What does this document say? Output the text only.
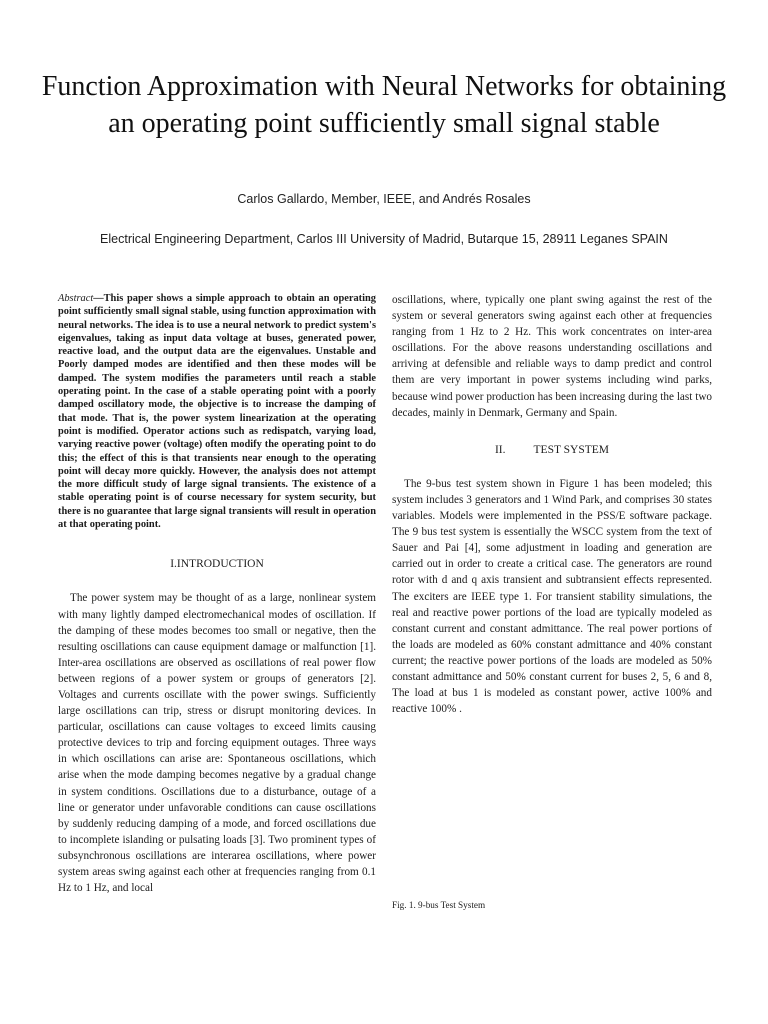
Function Approximation with Neural Networks for obtaining an operating point sufficiently small signal stable
Carlos Gallardo, Member, IEEE, and Andrés Rosales
Electrical Engineering Department, Carlos III University of Madrid, Butarque 15, 28911 Leganes SPAIN

Abstract—This paper shows a simple approach to obtain an operating point sufficiently small signal stable, using function approximation with neural networks. The idea is to use a neural network to predict system's eigenvalues, taking as input data voltage at buses, generated power, reactive load, and the output data are the eigenvalues. Unstable and Poorly damped modes are identified and then these modes will be damped. The system modifies the parameters until reach a stable operating point. In the case of a stable operating point with a poorly damped oscillatory mode, the objective is to increase the damping of that mode. That is, the power system linearization at the operating point is modified. Operator actions such as redispatch, varying load, varying reactive power (voltage) often modify the operating point to do this; the effect of this is that transients near enough to the operating point will decay more quickly. However, the analysis does not attempt the more difficult study of large signal transients. The existence of a stable operating point is of course necessary for system security, but there is no guarantee that large signal transients will result in operation at that operating point.

I.INTRODUCTION

The power system may be thought of as a large, nonlinear system with many lightly damped electromechanical modes of oscillation. If the damping of these modes becomes too small or negative, then the resulting oscillations can cause equipment damage or malfunction [1]. Inter-area oscillations are observed as oscillations of real power flow between regions of a power system or groups of generators [2]. Voltages and currents oscillate with the power swings. Sufficiently large oscillations can trip, stress or disrupt monitoring devices. In particular, oscillations can cause voltages to exceed limits causing protective devices to trip and forcing equipment outages. Three ways in which oscillations can arise are: Spontaneous oscillations, which arise when the mode damping becomes negative by a gradual change in system conditions. Oscillations due to a disturbance, outage of a line or generator under unfavorable conditions can cause oscillations by suddenly reducing damping of a mode, and forced oscillations due to incomplete islanding or pulsating loads [3]. Two prominent types of subsynchronous oscillations are interarea oscillations, where power system areas swing against each other at frequencies ranging from 0.1 Hz to 1 Hz, and local

oscillations, where, typically one plant swing against the rest of the system or several generators swing against each other at frequencies ranging from 1 Hz to 2 Hz. This work concentrates on inter-area oscillations. For the above reasons understanding oscillations and arriving at defensible and reliable ways to damp predict and control them are very important in power systems including wind parks, because wind power production has been increasing during the last two decades, mainly in Denmark, Germany and Spain.

II. TEST SYSTEM

The 9-bus test system shown in Figure 1 has been modeled; this system includes 3 generators and 1 Wind Park, and comprises 30 states variables. Models were implemented in the PSS/E software package. The 9 bus test system is essentially the WSCC system from the text of Sauer and Pai [4], some adjustment in loading and generation are carried out in order to create a critical case. The generators are round rotor with d and q axis transient and subtransient effects represented. The exciters are IEEE type 1. For transient stability simulations, the real and reactive power portions of the load are typically modeled as constant current and constant admittance. The real power portions of the loads are modeled as 60% constant admittance and 40% constant current; the reactive power portions of the loads are modeled as 50% constant admittance and 50% constant current for buses 2, 5, 6 and 8, The load at bus 1 is modeled as constant power, active 100% and reactive 100% .

Fig. 1. 9-bus Test System
